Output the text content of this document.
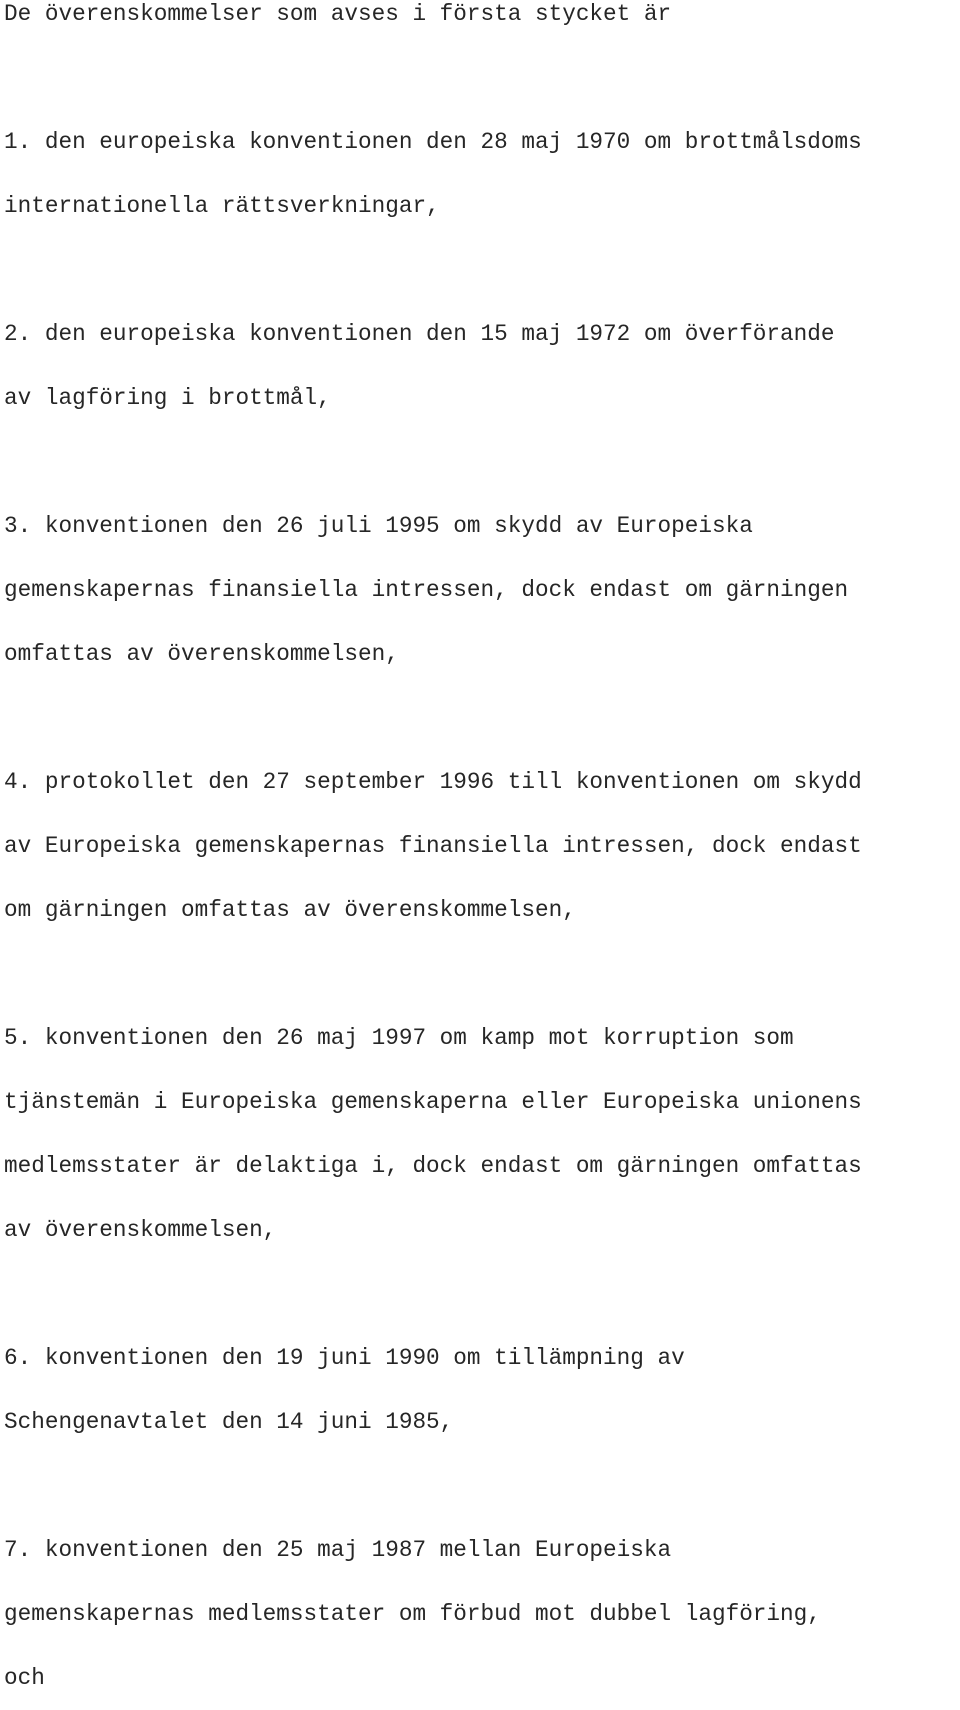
De överenskommelser som avses i första stycket är
1. den europeiska konventionen den 28 maj 1970 om brottmålsdoms
internationella rättsverkningar,
2. den europeiska konventionen den 15 maj 1972 om överförande
av lagföring i brottmål,
3. konventionen den 26 juli 1995 om skydd av Europeiska
gemenskapernas finansiella intressen, dock endast om gärningen
omfattas av överenskommelsen,
4. protokollet den 27 september 1996 till konventionen om skydd
av Europeiska gemenskapernas finansiella intressen, dock endast
om gärningen omfattas av överenskommelsen,
5. konventionen den 26 maj 1997 om kamp mot korruption som
tjänstemän i Europeiska gemenskaperna eller Europeiska unionens
medlemsstater är delaktiga i, dock endast om gärningen omfattas
av överenskommelsen,
6. konventionen den 19 juni 1990 om tillämpning av
Schengenavtalet den 14 juni 1985,
7. konventionen den 25 maj 1987 mellan Europeiska
gemenskapernas medlemsstater om förbud mot dubbel lagföring,
och
